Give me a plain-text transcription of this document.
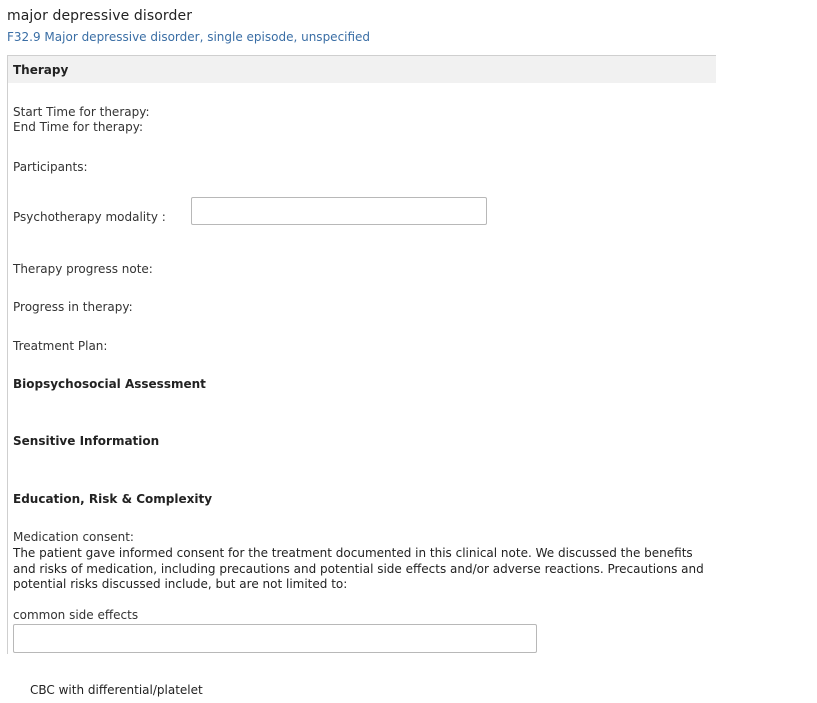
major depressive disorder
F32.9 Major depressive disorder, single episode, unspecified
Therapy
Start Time for therapy:
End Time for therapy:
Participants:
Psychotherapy modality :
Therapy progress note:
Progress in therapy:
Treatment Plan:
Biopsychosocial Assessment
Sensitive Information
Education, Risk & Complexity
Medication consent:
The patient gave informed consent for the treatment documented in this clinical note. We discussed the benefits and risks of medication, including precautions and potential side effects and/or adverse reactions. Precautions and potential risks discussed include, but are not limited to:
common side effects
CBC with differential/platelet
